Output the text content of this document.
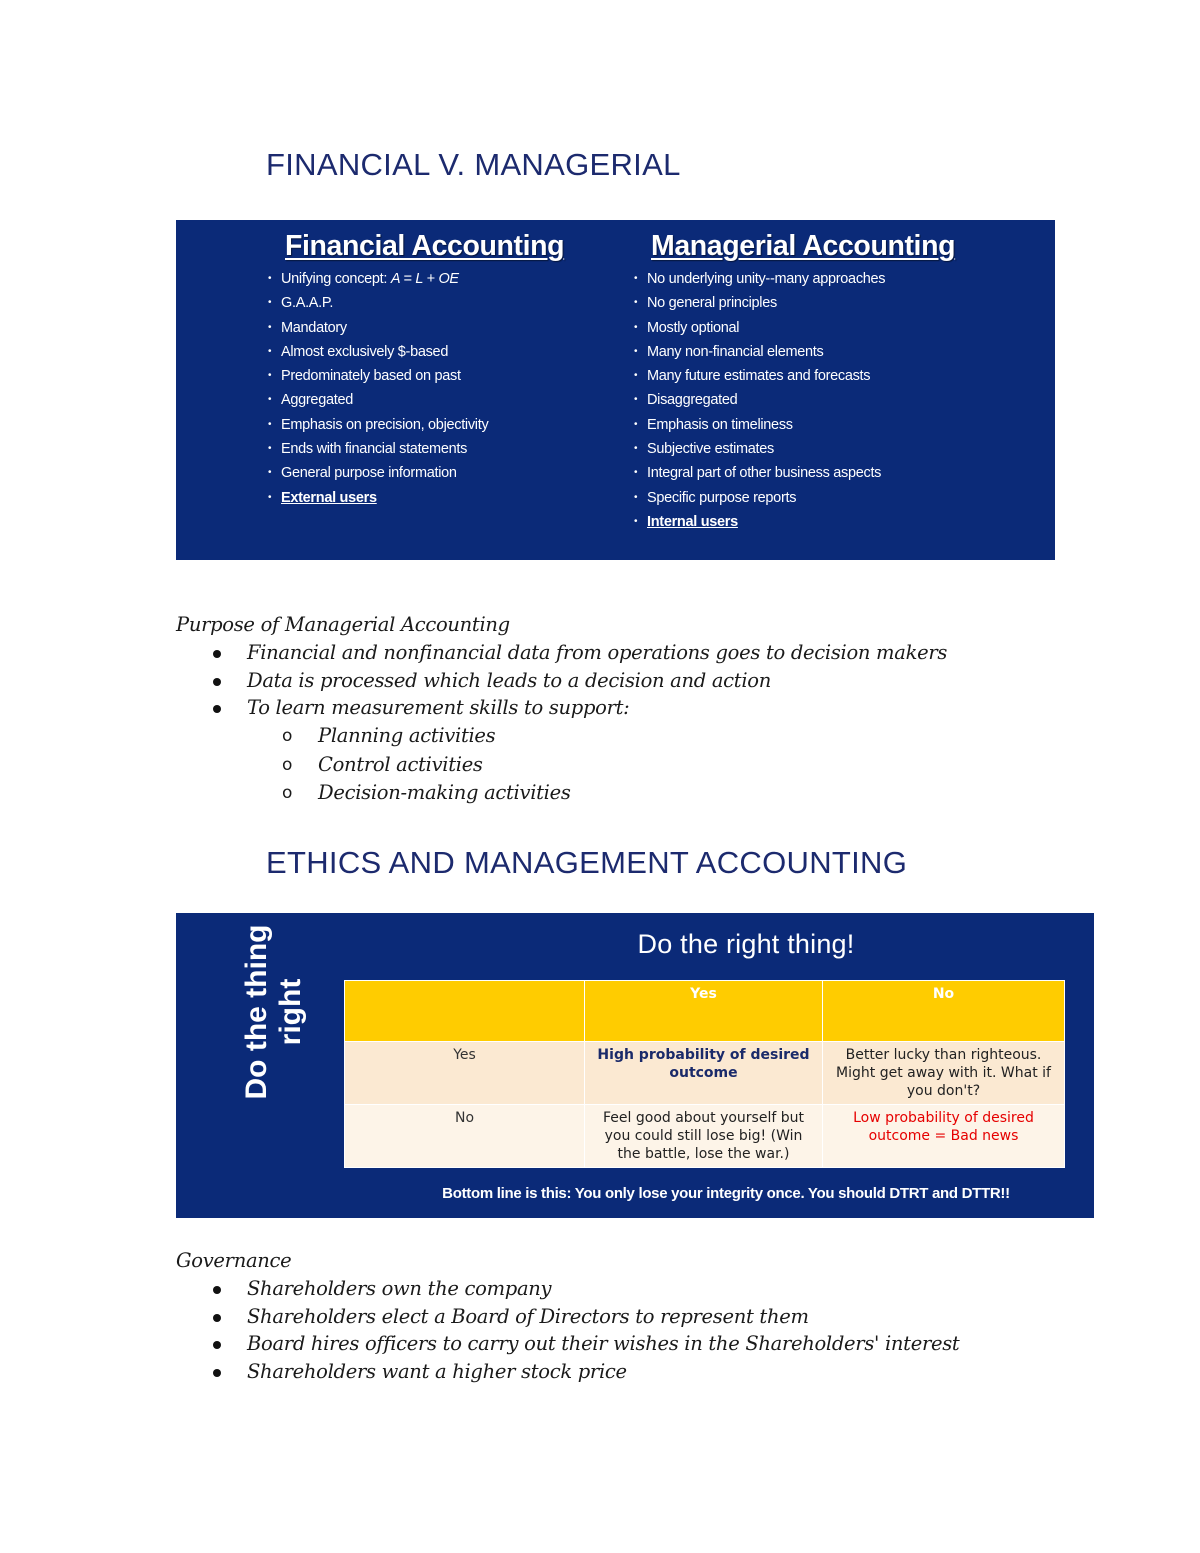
FINANCIAL V. MANAGERIAL
Financial Accounting
• Unifying concept: A = L + OE
• G.A.A.P.
• Mandatory
• Almost exclusively $-based
• Predominately based on past
• Aggregated
• Emphasis on precision, objectivity
• Ends with financial statements
• General purpose information
• External users
Managerial Accounting
• No underlying unity--many approaches
• No general principles
• Mostly optional
• Many non-financial elements
• Many future estimates and forecasts
• Disaggregated
• Emphasis on timeliness
• Subjective estimates
• Integral part of other business aspects
• Specific purpose reports
• Internal users
Purpose of Managerial Accounting
Financial and nonfinancial data from operations goes to decision makers
Data is processed which leads to a decision and action
To learn measurement skills to support:
o Planning activities
o Control activities
o Decision-making activities
ETHICS AND MANAGEMENT ACCOUNTING
Do the right thing!
Do the thing right
		Yes	No
Yes	High probability of desired outcome	Better lucky than righteous. Might get away with it. What if you don't?
No	Feel good about yourself but you could still lose big! (Win the battle, lose the war.)	Low probability of desired outcome = Bad news
Bottom line is this: You only lose your integrity once. You should DTRT and DTTR!!
Governance
Shareholders own the company
Shareholders elect a Board of Directors to represent them
Board hires officers to carry out their wishes in the Shareholders' interest
Shareholders want a higher stock price
